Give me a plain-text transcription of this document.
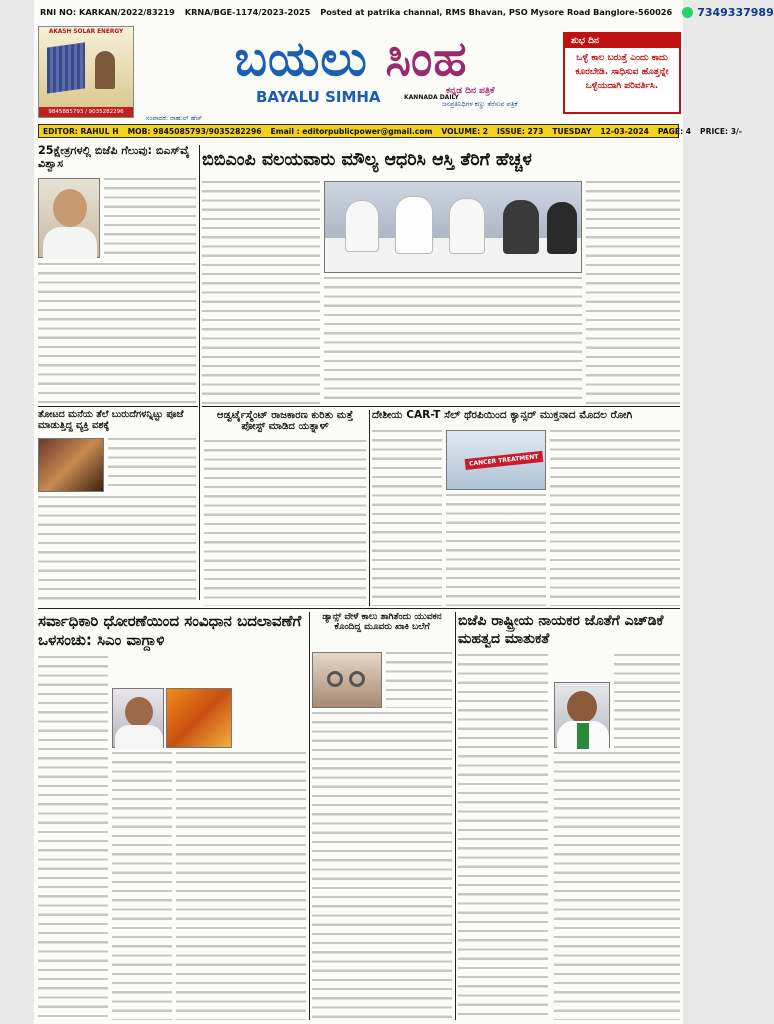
RNI NO: KARKAN/2022/83219 KRNA/BGE-1174/2023-2025 Posted at patrika channal, RMS Bhavan, PSO Mysore Road Banglore-560026 7349337989
AKASH SOLAR ENERGY
9845885793 / 9035282296
ಬಯಲು ಸಿಂಹ
BAYALU SIMHA	KANNADA DAILY
ಕನ್ನಡ ದಿನ ಪತ್ರಿಕೆ
ಜನಪ್ರತಿನಿಧಿಗಳ ಕಣ್ಣು ತೆರೆಸುವ ಪತ್ರಿಕೆ
ಸಂಪಾದಕ: ರಾಹುಲ್ ಹೆಚ್
ಶುಭ ದಿನ
ಒಳ್ಳೆ ಕಾಲ ಬರುತ್ತೆ ಎಂದು ಕಾದು ಕೂರಬೇಡಿ. ಸಾಧಿಸುವ ಹೊತ್ತನ್ನೇ ಒಳ್ಳೆಯದಾಗಿ ಪರಿವರ್ತಿಸಿ.
EDITOR: RAHUL H MOB: 9845085793/9035282296 Email : editorpublicpower@gmail.com VOLUME: 2 ISSUE: 273 TUESDAY 12-03-2024 PAGE: 4 PRICE: 3/-
25ಕ್ಷೇತ್ರಗಳಲ್ಲಿ ಬಿಜೆಪಿ ಗೆಲುವು: ಬಿಎಸ್‌ವೈ ವಿಶ್ವಾಸ	ಬಿಬಿಎಂಪಿ ವಲಯವಾರು ಮೌಲ್ಯ ಆಧರಿಸಿ ಆಸ್ತಿ ತೆರಿಗೆ ಹೆಚ್ಚಳ
ತೋಟದ ಮನೆಯ ತೆಲೆ ಬುರುದೆಗಳನ್ನಿಟ್ಟು ಪೂಜೆ ಮಾಡುತ್ತಿದ್ದ ವ್ಯಕ್ತಿ ವಶಕ್ಕೆ
ಆಡ್ವರ್ಟೈಸ್ಮೆಂಟ್ ರಾಜಕಾರಣ ಕುರಿತು ಮತ್ತೆ ಪೋಸ್ಟ್ ಮಾಡಿದ ಯತ್ನಾಳ್
ದೇಶೀಯ CAR-T ಸೆಲ್ ಥೆರಪಿಯಿಂದ ಕ್ಯಾನ್ಸರ್ ಮುಕ್ತನಾದ ಮೊದಲ ರೋಗಿ
CANCER TREATMENT
ಸರ್ವಾಧಿಕಾರಿ ಧೋರಣೆಯಿಂದ ಸಂವಿಧಾನ ಬದಲಾವಣೆಗೆ ಒಳಸಂಚು: ಸಿಎಂ ವಾಗ್ದಾಳಿ
ಡ್ಯಾನ್ಸ್ ವೇಳೆ ಕಾಲು ತಾಗಿತೆಂದು ಯುವಕನ ಕೊಂದಿದ್ದ ಮೂವರು ಖಾಕಿ ಬಲೆಗೆ	ಬಿಜೆಪಿ ರಾಷ್ಟ್ರೀಯ ನಾಯಕರ ಜೊತೆಗೆ ಎಚ್‌ಡಿಕೆ ಮಹತ್ವದ ಮಾತುಕತೆ
